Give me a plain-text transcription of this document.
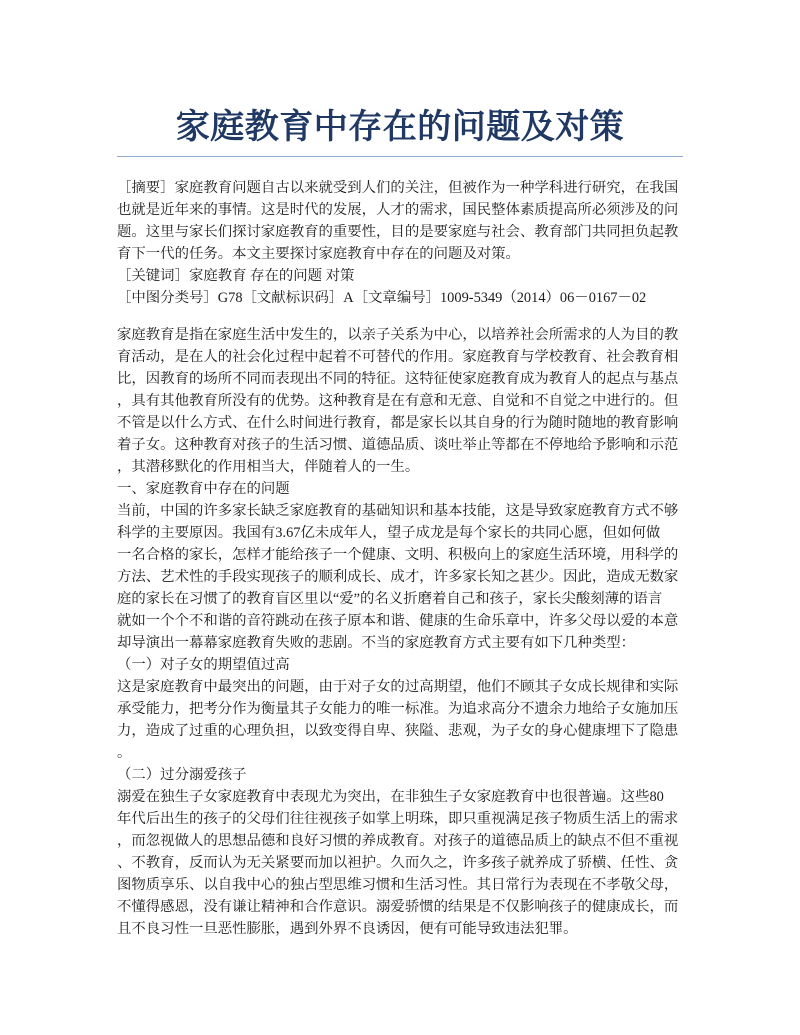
家庭教育中存在的问题及对策
［摘要］家庭教育问题自古以来就受到人们的关注，但被作为一种学科进行研究，在我国
也就是近年来的事情。这是时代的发展，人才的需求，国民整体素质提高所必须涉及的问
题。这里与家长们探讨家庭教育的重要性，目的是要家庭与社会、教育部门共同担负起教
育下一代的任务。本文主要探讨家庭教育中存在的问题及对策。
［关键词］家庭教育 存在的问题 对策
［中图分类号］G78［文献标识码］A［文章编号］1009-5349（2014）06－0167－02
家庭教育是指在家庭生活中发生的，以亲子关系为中心，以培养社会所需求的人为目的教
育活动，是在人的社会化过程中起着不可替代的作用。家庭教育与学校教育、社会教育相
比，因教育的场所不同而表现出不同的特征。这特征使家庭教育成为教育人的起点与基点
，具有其他教育所没有的优势。这种教育是在有意和无意、自觉和不自觉之中进行的。但
不管是以什么方式、在什么时间进行教育，都是家长以其自身的行为随时随地的教育影响
着子女。这种教育对孩子的生活习惯、道德品质、谈吐举止等都在不停地给予影响和示范
，其潜移默化的作用相当大，伴随着人的一生。
一、家庭教育中存在的问题
当前，中国的许多家长缺乏家庭教育的基础知识和基本技能，这是导致家庭教育方式不够
科学的主要原因。我国有3.67亿未成年人，望子成龙是每个家长的共同心愿，但如何做
一名合格的家长，怎样才能给孩子一个健康、文明、积极向上的家庭生活环境，用科学的
方法、艺术性的手段实现孩子的顺利成长、成才，许多家长知之甚少。因此，造成无数家
庭的家长在习惯了的教育盲区里以“爱”的名义折磨着自己和孩子，家长尖酸刻薄的语言
就如一个个不和谐的音符跳动在孩子原本和谐、健康的生命乐章中，许多父母以爱的本意
却导演出一幕幕家庭教育失败的悲剧。不当的家庭教育方式主要有如下几种类型：
（一）对子女的期望值过高
这是家庭教育中最突出的问题，由于对子女的过高期望，他们不顾其子女成长规律和实际
承受能力，把考分作为衡量其子女能力的唯一标准。为追求高分不遗余力地给子女施加压
力，造成了过重的心理负担，以致变得自卑、狭隘、悲观，为子女的身心健康埋下了隐患
。
（二）过分溺爱孩子
溺爱在独生子女家庭教育中表现尤为突出，在非独生子女家庭教育中也很普遍。这些80
年代后出生的孩子的父母们往往视孩子如掌上明珠，即只重视满足孩子物质生活上的需求
，而忽视做人的思想品德和良好习惯的养成教育。对孩子的道德品质上的缺点不但不重视
、不教育，反而认为无关紧要而加以袒护。久而久之，许多孩子就养成了骄横、任性、贪
图物质享乐、以自我中心的独占型思维习惯和生活习性。其日常行为表现在不孝敬父母，
不懂得感恩，没有谦让精神和合作意识。溺爱骄惯的结果是不仅影响孩子的健康成长，而
且不良习性一旦恶性膨胀，遇到外界不良诱因，便有可能导致违法犯罪。
